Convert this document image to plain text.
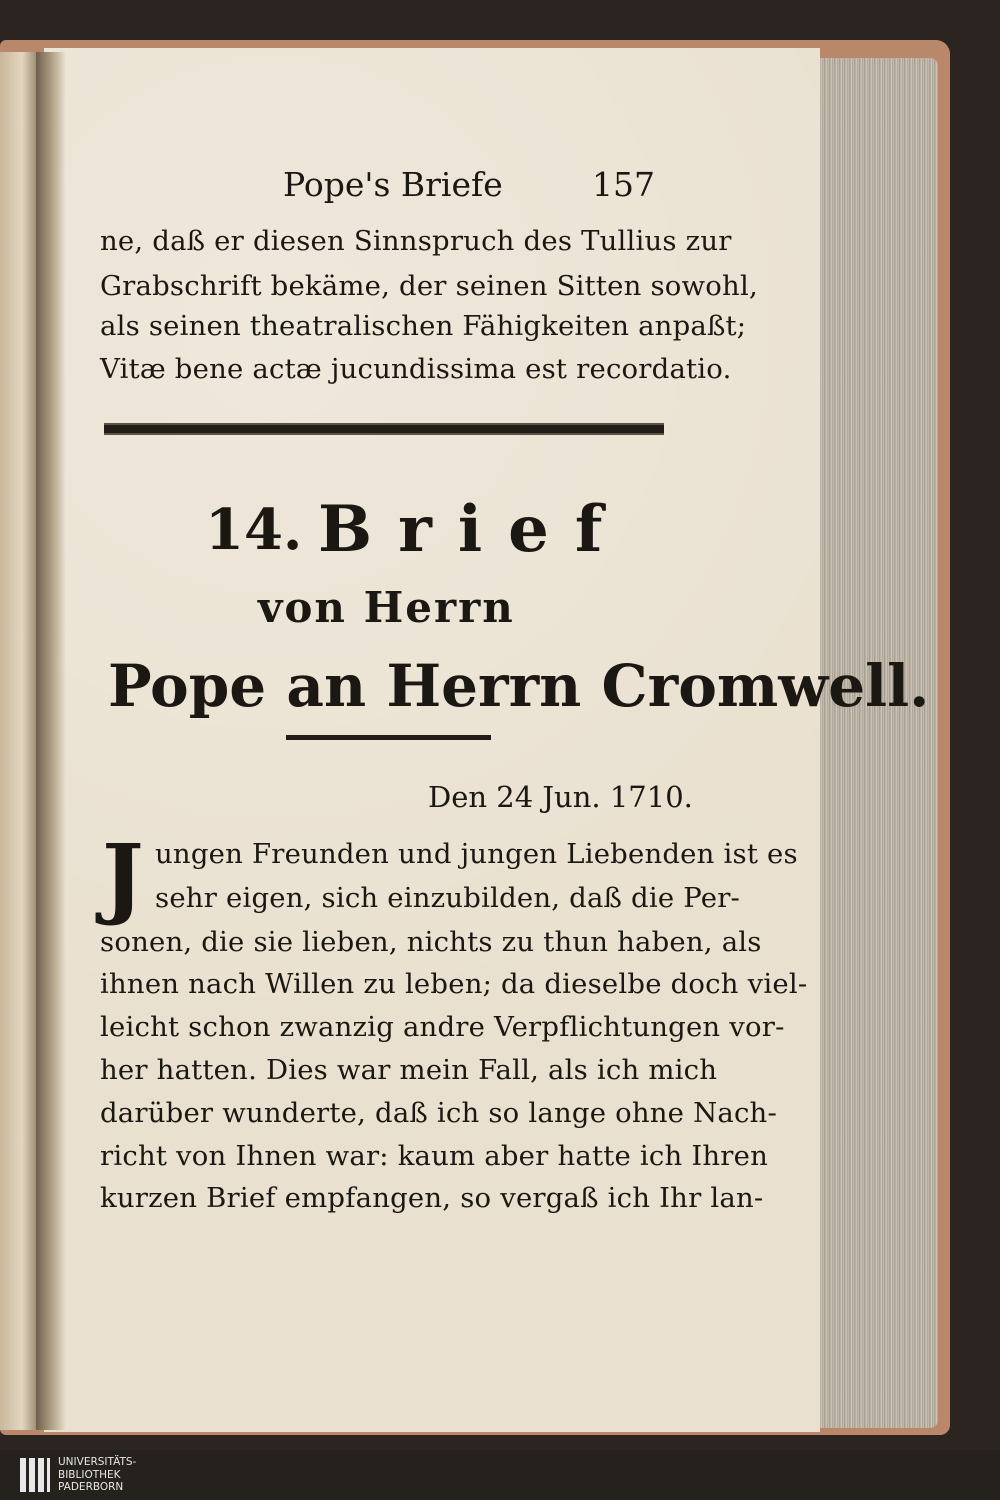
Pope's Briefe	157
ne, daß er diesen Sinnspruch des Tullius zur
Grabschrift bekäme, der seinen Sitten sowohl,
als seinen theatralischen Fähigkeiten anpaßt;
Vitæ bene actæ jucundissima est recordatio.
14. Brief
von Herrn
Pope an Herrn Cromwell.
Den 24 Jun. 1710.
J ungen Freunden und jungen Liebenden ist es
sehr eigen, sich einzubilden, daß die Per-
sonen, die sie lieben, nichts zu thun haben, als
ihnen nach Willen zu leben; da dieselbe doch viel-
leicht schon zwanzig andre Verpflichtungen vor-
her hatten. Dies war mein Fall, als ich mich
darüber wunderte, daß ich so lange ohne Nach-
richt von Ihnen war: kaum aber hatte ich Ihren
kurzen Brief empfangen, so vergaß ich Ihr lan-
UNIVERSITÄTS-
BIBLIOTHEK
PADERBORN
